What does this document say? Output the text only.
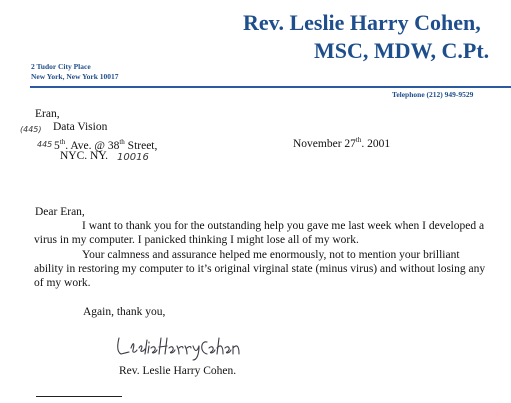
Rev. Leslie Harry Cohen,
MSC, MDW, C.Pt.
2 Tudor City Place
New York, New York 10017
Telephone (212) 949-9529
Eran,
(445) Data Vision
445 5th. Ave. @ 38th Street,
NYC. NY. 10016
November 27th. 2001
Dear Eran,
I want to thank you for the outstanding help you gave me last week when I developed a virus in my computer. I panicked thinking I might lose all of my work.
Your calmness and assurance helped me enormously, not to mention your brilliant ability in restoring my computer to it’s original virginal state (minus virus) and without losing any of my work.
Again, thank you,
Rev. Leslie Harry Cohen.
